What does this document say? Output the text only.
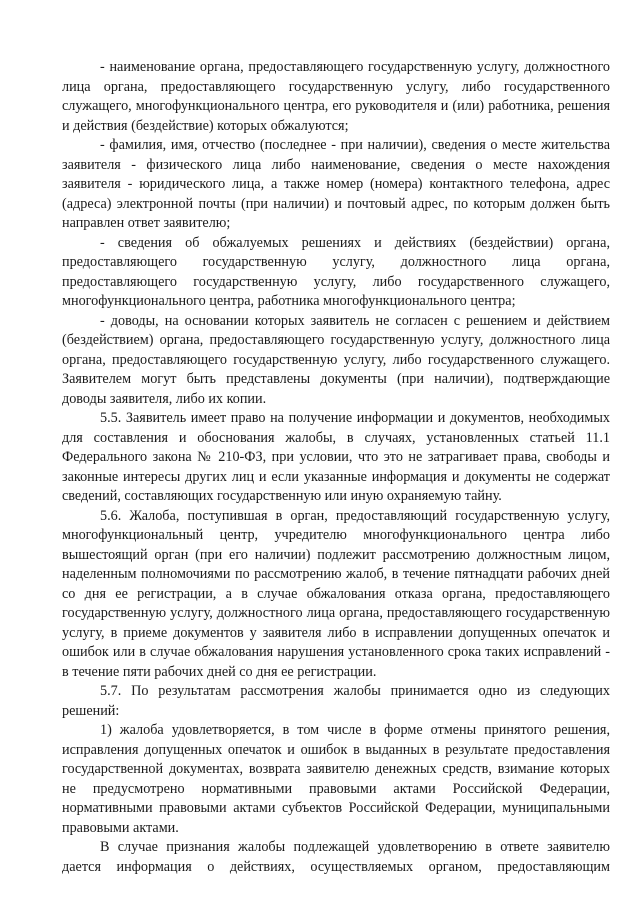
- наименование органа, предоставляющего государственную услугу, должностного лица органа, предоставляющего государственную услугу, либо государственного служащего, многофункционального центра, его руководителя и (или) работника, решения и действия (бездействие) которых обжалуются;

- фамилия, имя, отчество (последнее - при наличии), сведения о месте жительства заявителя - физического лица либо наименование, сведения о месте нахождения заявителя - юридического лица, а также номер (номера) контактного телефона, адрес (адреса) электронной почты (при наличии) и почтовый адрес, по которым должен быть направлен ответ заявителю;

- сведения об обжалуемых решениях и действиях (бездействии) органа, предоставляющего государственную услугу, должностного лица органа, предоставляющего государственную услугу, либо государственного служащего, многофункционального центра, работника многофункционального центра;

- доводы, на основании которых заявитель не согласен с решением и действием (бездействием) органа, предоставляющего государственную услугу, должностного лица органа, предоставляющего государственную услугу, либо государственного служащего. Заявителем могут быть представлены документы (при наличии), подтверждающие доводы заявителя, либо их копии.

5.5. Заявитель имеет право на получение информации и документов, необходимых для составления и обоснования жалобы, в случаях, установленных статьей 11.1 Федерального закона № 210-ФЗ, при условии, что это не затрагивает права, свободы и законные интересы других лиц и если указанные информация и документы не содержат сведений, составляющих государственную или иную охраняемую тайну.

5.6. Жалоба, поступившая в орган, предоставляющий государственную услугу, многофункциональный центр, учредителю многофункционального центра либо вышестоящий орган (при его наличии) подлежит рассмотрению должностным лицом, наделенным полномочиями по рассмотрению жалоб, в течение пятнадцати рабочих дней со дня ее регистрации, а в случае обжалования отказа органа, предоставляющего государственную услугу, должностного лица органа, предоставляющего государственную услугу, в приеме документов у заявителя либо в исправлении допущенных опечаток и ошибок или в случае обжалования нарушения установленного срока таких исправлений - в течение пяти рабочих дней со дня ее регистрации.

5.7. По результатам рассмотрения жалобы принимается одно из следующих решений:

1) жалоба удовлетворяется, в том числе в форме отмены принятого решения, исправления допущенных опечаток и ошибок в выданных в результате предоставления государственной документах, возврата заявителю денежных средств, взимание которых не предусмотрено нормативными правовыми актами Российской Федерации, нормативными правовыми актами субъектов Российской Федерации, муниципальными правовыми актами.

В случае признания жалобы подлежащей удовлетворению в ответе заявителю дается информация о действиях, осуществляемых органом, предоставляющим
